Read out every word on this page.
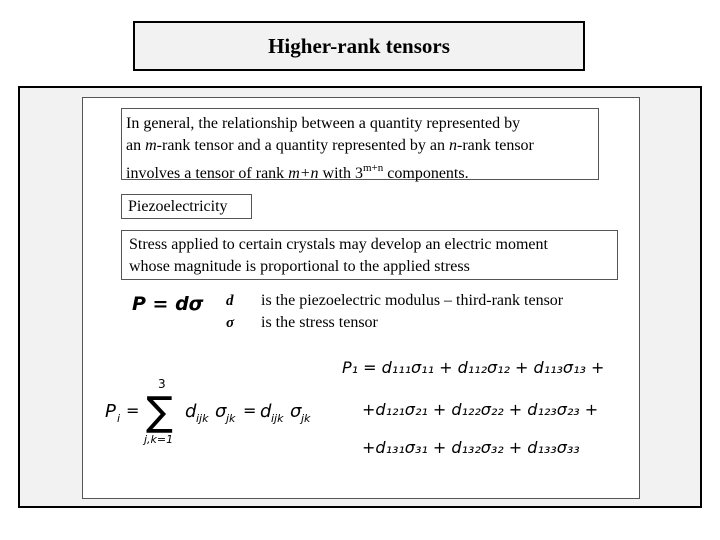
Higher-rank tensors
In general, the relationship between a quantity represented by
an m-rank tensor and a quantity represented by an n-rank tensor
involves a tensor of rank m+n with $3^{m+n}$ components.
Piezoelectricity
Stress applied to certain crystals may develop an electric moment
whose magnitude is proportional to the applied stress
P = dσ d is the piezoelectric modulus – third-rank tensor
σ is the stress tensor
P i =
3
∑
j,k=1
d ijk σ jk = d ijk σ jk
P₁ = d₁₁₁σ₁₁ + d₁₁₂σ₁₂ + d₁₁₃σ₁₃ +
+d₁₂₁σ₂₁ + d₁₂₂σ₂₂ + d₁₂₃σ₂₃ +
+d₁₃₁σ₃₁ + d₁₃₂σ₃₂ + d₁₃₃σ₃₃
